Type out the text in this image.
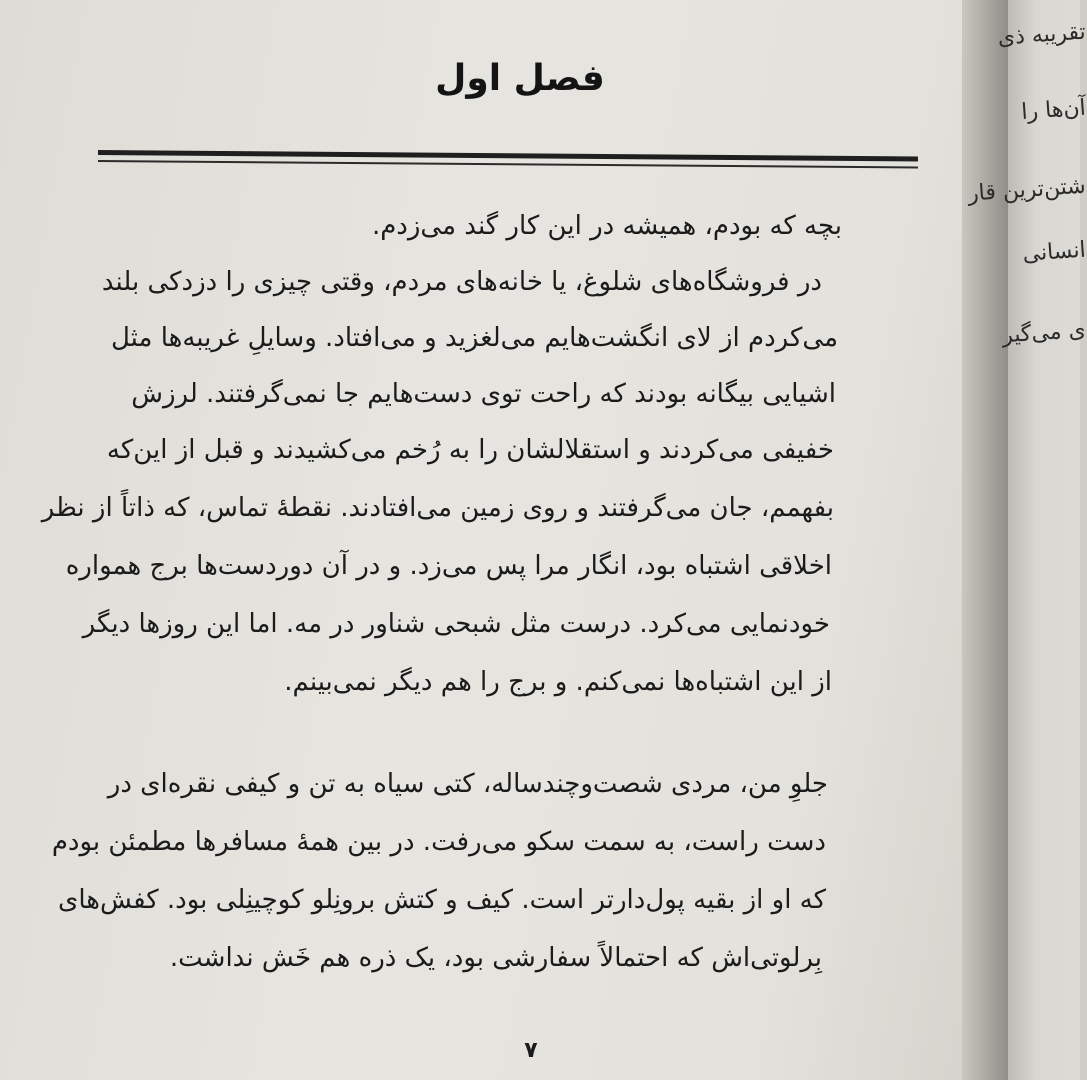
فصل اول
بچه که بودم، همیشه در این کار گند می‌زدم.
در فروشگاه‌های شلوغ، یا خانه‌های مردم، وقتی چیزی را دزدکی بلند
می‌کردم از لای انگشت‌هایم می‌لغزید و می‌افتاد. وسایلِ غریبه‌ها مثل
اشیایی بیگانه بودند که راحت توی دست‌هایم جا نمی‌گرفتند. لرزش
خفیفی می‌کردند و استقلالشان را به رُخم می‌کشیدند و قبل از این‌که
بفهمم، جان می‌گرفتند و روی زمین می‌افتادند. نقطهٔ تماس، که ذاتاً از نظر
اخلاقی اشتباه بود، انگار مرا پس می‌زد. و در آن دوردست‌ها برج همواره
خودنمایی می‌کرد. درست مثل شبحی شناور در مه. اما این روزها دیگر
از این اشتباه‌ها نمی‌کنم. و برج را هم دیگر نمی‌بینم.
جلوِ من، مردی شصت‌وچندساله، کتی سیاه به تن و کیفی نقره‌ای در
دست راست، به سمت سکو می‌رفت. در بین همهٔ مسافرها مطمئن بودم
که او از بقیه پول‌دارتر است. کیف و کتش برونِلو کوچینِلی بود. کفش‌های
بِرلوتی‌اش که احتمالاً سفارشی بود، یک ذره هم خَش نداشت.
۷
تقریبه ذی
آن‌ها را
شتن‌ترین قار
انسانی
ی می‌گیر
